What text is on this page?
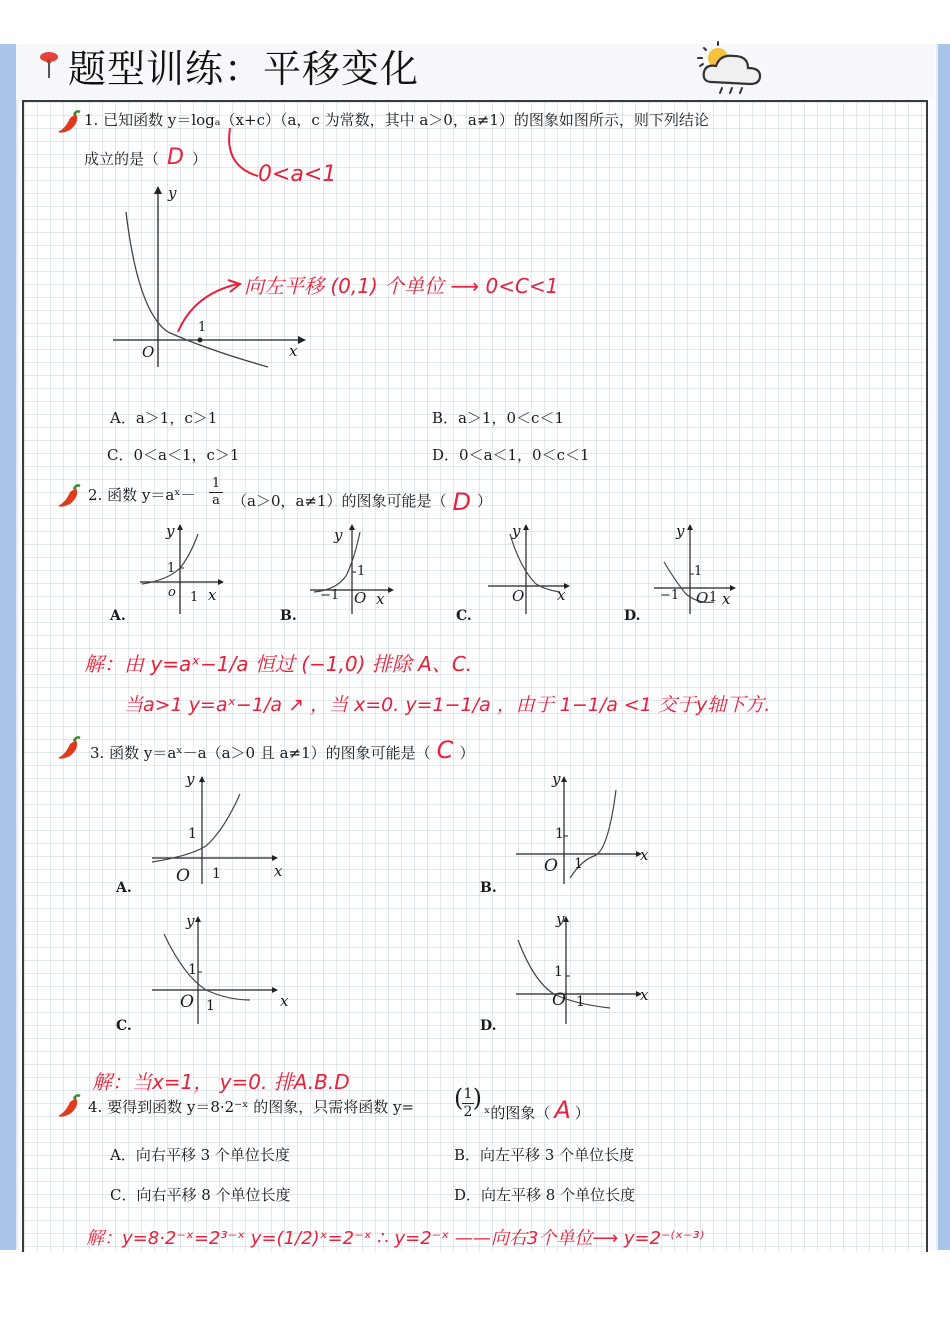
题型训练：平移变化
1. 已知函数 y＝logₐ（x+c）（a，c 为常数，其中 a＞0，a≠1）的图象如图所示，则下列结论
成立的是（ D ）
0<a<1
y
x
O
1
向左平移 (0,1) 个单位 ⟶ 0<C<1
A．a＞1，c＞1	B．a＞1，0＜c＜1
C．0＜a＜1，c＞1	D．0＜a＜1，0＜c＜1
2. 函数 y＝aˣ－ $\frac{1}{a} (a>0$，a≠1）的图象可能是（ D ）
y
1
o 1 x
A.
y
1
−1 O x
B.
y
O x
C.
y
1
−1 O 1 x
D.
解：由 y=aˣ−1/a 恒过 (−1,0) 排除 A、C.
当a>1 y=aˣ−1/a ↗ ，当 x=0. y=1−1/a ，由于 1−1/a <1 交于y轴下方.
3. 函数 y＝aˣ－a（a＞0 且 a≠1）的图象可能是（ C ）
y
1
O 1	x
A.
y
1
O 1	x
B.
y
1
O 1	x
C.
y
1
O 1	x
D.
解：当x=1， y=0. 排A.B.D
4. 要得到函数 y＝8·2⁻ˣ 的图象，只需将函数 y= ( 1
2 )
ˣ的图象（ A ）
A．向右平移 3 个单位长度	B．向左平移 3 个单位长度
C．向右平移 8 个单位长度	D．向左平移 8 个单位长度
解：y=8·2⁻ˣ=2³⁻ˣ y=(1/2)ˣ=2⁻ˣ ∴ y=2⁻ˣ ——向右3个单位⟶ y=2⁻⁽ˣ⁻³⁾
